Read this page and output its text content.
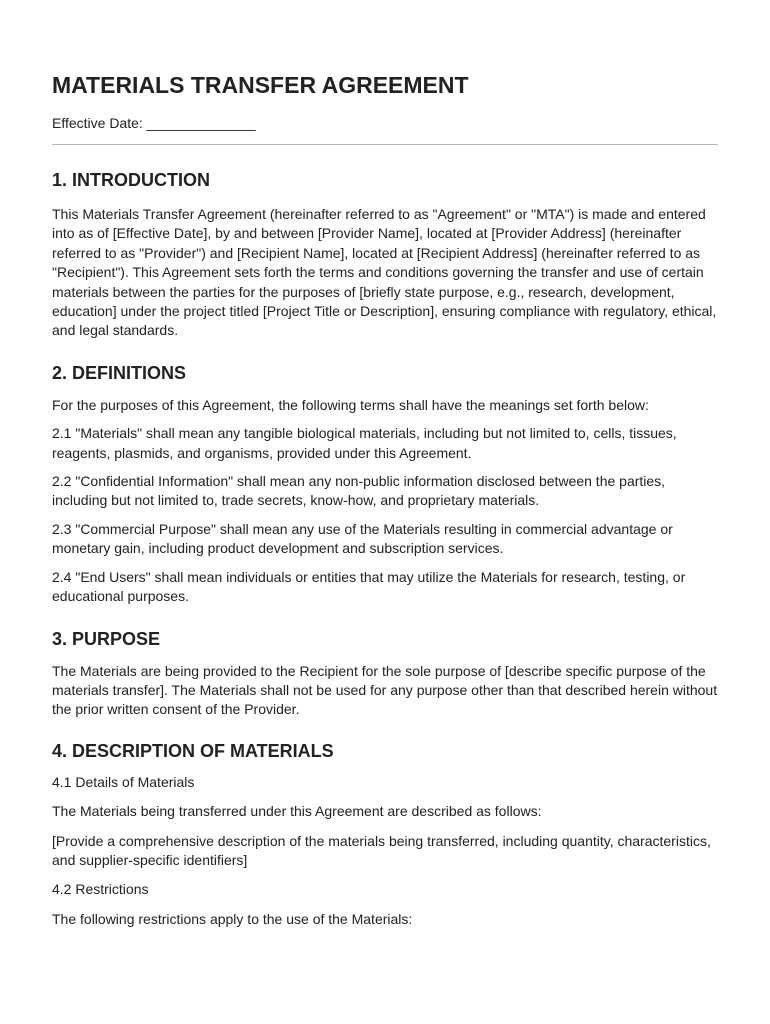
MATERIALS TRANSFER AGREEMENT

Effective Date: ______________

1. INTRODUCTION

This Materials Transfer Agreement (hereinafter referred to as "Agreement" or "MTA") is made and entered into as of [Effective Date], by and between [Provider Name], located at [Provider Address] (hereinafter referred to as "Provider") and [Recipient Name], located at [Recipient Address] (hereinafter referred to as "Recipient"). This Agreement sets forth the terms and conditions governing the transfer and use of certain materials between the parties for the purposes of [briefly state purpose, e.g., research, development, education] under the project titled [Project Title or Description], ensuring compliance with regulatory, ethical, and legal standards.

2. DEFINITIONS

For the purposes of this Agreement, the following terms shall have the meanings set forth below:

2.1 "Materials" shall mean any tangible biological materials, including but not limited to, cells, tissues, reagents, plasmids, and organisms, provided under this Agreement.

2.2 "Confidential Information" shall mean any non-public information disclosed between the parties, including but not limited to, trade secrets, know-how, and proprietary materials.

2.3 "Commercial Purpose" shall mean any use of the Materials resulting in commercial advantage or monetary gain, including product development and subscription services.

2.4 "End Users" shall mean individuals or entities that may utilize the Materials for research, testing, or educational purposes.

3. PURPOSE

The Materials are being provided to the Recipient for the sole purpose of [describe specific purpose of the materials transfer]. The Materials shall not be used for any purpose other than that described herein without the prior written consent of the Provider.

4. DESCRIPTION OF MATERIALS

4.1 Details of Materials

The Materials being transferred under this Agreement are described as follows:

[Provide a comprehensive description of the materials being transferred, including quantity, characteristics, and supplier-specific identifiers]

4.2 Restrictions

The following restrictions apply to the use of the Materials:
